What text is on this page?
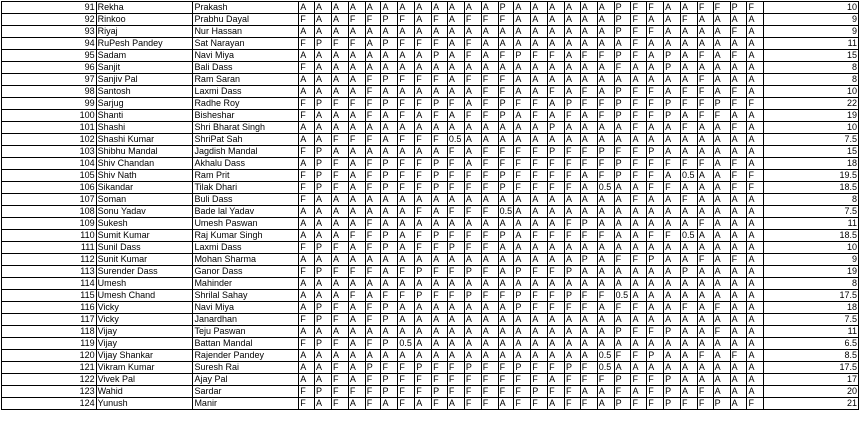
91	Rekha	Prakash	A	A	A	A	A	A	A	A	A	A	A	A	P	A	A	A	A	A	A	P	F	F	A	A	F	F	P	F	10
92	Rinkoo	Prabhu Dayal	F	A	A	F	F	P	F	A	F	A	F	F	F	A	A	A	A	A	A	P	F	A	A	F	A	A	A	A	9
93	Riyaj	Nur Hassan	A	A	A	A	A	A	A	A	A	A	A	A	A	A	A	A	A	A	A	P	F	F	A	A	A	A	F	A	9
94	RuPesh Pandey	Sat Narayan	F	P	F	F	A	P	F	F	F	A	F	A	A	A	A	A	A	A	A	A	F	A	A	A	A	A	A	A	11
95	Sadam	Navi Miya	A	A	A	A	A	A	A	A	P	A	F	A	F	P	F	F	A	F	F	P	F	A	P	A	F	A	F	A	15
96	Sanjit	Bali Dass	F	A	A	A	A	A	A	A	A	A	A	A	A	A	A	A	A	A	A	F	A	A	P	A	A	A	A	A	8
97	Sanjiv Pal	Ram Saran	A	A	A	A	F	P	F	F	F	A	F	F	F	A	A	A	A	A	A	A	A	A	A	A	F	A	A	A	8
98	Santosh	Laxmi Dass	A	A	A	A	F	A	A	A	A	A	A	F	F	A	A	F	A	F	A	P	F	F	A	F	F	A	F	A	10
99	Sarjug	Radhe Roy	F	P	F	F	F	P	F	F	P	F	A	F	P	F	F	A	P	F	F	P	F	F	P	F	F	P	F	F	22
100	Shanti	Bisheshar	F	A	A	A	F	A	F	A	F	A	F	F	P	A	F	A	F	A	F	P	F	F	P	A	F	F	A	A	19
101	Shashi	Shri Bharat Singh	A	A	A	A	A	A	A	A	A	A	A	A	A	A	A	P	A	A	A	A	F	A	A	F	A	A	F	A	10
102	Shashi Kumar	ShriPat Sah	A	A	F	F	F	A	F	F	F	0.5	A	A	A	A	A	A	A	A	A	A	A	A	A	A	A	A	A	A	7.5
103	Shibhu Mandal	Jagdish Mandal	F	P	A	A	A	A	A	A	A	F	A	F	F	F	F	P	F	F	P	F	F	P	A	A	A	A	A	A	15
104	Shiv Chandan	Akhalu Dass	A	P	F	A	F	P	F	F	P	F	A	F	F	F	F	F	F	F	F	P	F	F	F	F	F	A	F	A	18
105	Shiv Nath	Ram Prit	F	P	F	A	F	P	F	F	P	F	F	F	P	F	F	F	F	A	F	P	F	F	A	0.5	A	A	F	F	19.5
106	Sikandar	Tilak Dhari	F	P	F	A	F	P	F	F	P	F	F	F	P	F	F	F	F	A	0.5	A	A	F	F	A	A	A	F	F	18.5
107	Soman	Buli Dass	F	A	A	A	A	A	A	A	A	A	A	A	A	A	A	A	A	A	A	A	F	A	A	F	A	A	A	A	8
108	Sonu Yadav	Bade lal Yadav	A	A	A	A	A	A	A	F	A	F	F	F	0.5	A	A	A	A	A	A	A	A	A	A	A	A	A	A	A	7.5
109	Sukesh	Umesh Paswan	A	A	A	A	F	A	A	A	A	A	A	A	A	A	A	A	F	P	A	A	A	A	A	A	F	A	A	A	11
110	Sumit Kumar	Raj Kumar Singh	A	A	A	F	F	P	A	F	P	F	F	F	P	A	F	F	F	F	F	A	A	F	F	0.5	A	A	A	A	18.5
111	Sunil Dass	Laxmi Dass	F	P	F	A	F	P	A	F	F	P	F	F	A	A	A	A	A	A	A	A	A	A	A	A	A	A	A	A	10
112	Sunit Kumar	Mohan Sharma	A	A	A	A	A	A	A	A	A	A	A	A	A	A	A	A	A	P	A	F	F	P	A	A	F	A	F	A	9
113	Surender Dass	Ganor Dass	F	P	F	F	F	A	F	P	F	F	P	F	A	P	F	F	P	A	A	A	A	A	A	P	A	A	A	A	19
114	Umesh	Mahinder	A	A	A	A	A	A	A	A	A	A	A	A	A	A	A	A	A	A	A	A	A	A	A	A	A	A	A	A	8
115	Umesh Chand	Shrilal Sahay	A	A	A	F	A	F	F	P	F	F	P	F	F	P	F	F	P	F	F	0.5	A	A	A	A	A	A	A	A	17.5
116	Vicky	Navi Miya	A	P	F	A	F	P	A	A	A	A	A	A	A	P	F	F	F	F	A	F	F	A	A	F	A	F	A	A	18
117	Vicky	Janardhan	F	P	F	A	F	P	A	A	A	A	A	A	A	A	A	A	A	A	A	A	A	A	A	A	A	A	A	A	7.5
118	Vijay	Teju Paswan	A	A	A	A	A	A	A	A	A	A	A	A	A	A	A	A	A	A	A	P	F	F	P	A	A	F	A	A	11
119	Vijay	Battan Mandal	F	P	F	A	F	P	0.5	A	A	A	A	A	A	A	A	A	A	A	A	A	A	A	A	A	A	A	A	A	6.5
120	Vijay Shankar	Rajender Pandey	A	A	A	A	A	A	A	A	A	A	A	A	A	A	A	A	A	A	0.5	F	F	P	A	A	F	A	F	A	8.5
121	Vikram Kumar	Suresh Rai	A	A	F	A	P	F	F	P	F	F	P	F	F	P	F	F	P	F	0.5	A	A	A	A	A	A	A	A	A	17.5
122	Vivek Pal	Ajay Pal	A	A	F	A	F	P	F	F	F	F	F	F	F	F	F	A	F	F	F	P	F	F	P	A	A	A	A	A	17
123	Wahid	Sardar	F	P	F	F	F	P	F	F	P	F	F	F	F	F	P	F	F	A	A	F	A	F	P	A	F	A	A	A	20
124	Yunush	Manir	F	A	F	A	F	A	F	A	F	A	F	F	A	F	F	A	F	F	A	P	F	F	P	F	F	P	A	F	21
